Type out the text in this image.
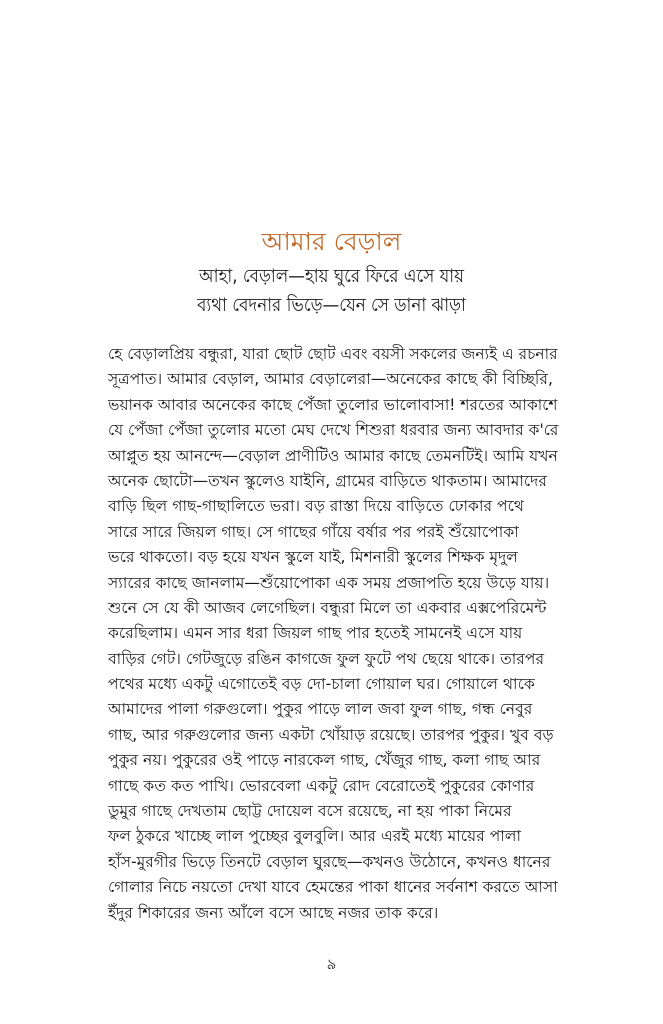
আমার বেড়াল
আহা, বেড়াল—হায় ঘুরে ফিরে এসে যায়
ব্যথা বেদনার ভিড়ে—যেন সে ডানা ঝাড়া
হে বেড়ালপ্রিয় বন্ধুরা, যারা ছোট ছোট এবং বয়সী সকলের জন্যই এ রচনার
সূত্রপাত। আমার বেড়াল, আমার বেড়ালেরা—অনেকের কাছে কী বিচ্ছিরি,
ভয়ানক আবার অনেকের কাছে পেঁজা তুলোর ভালোবাসা! শরতের আকাশে
যে পেঁজা পেঁজা তুলোর মতো মেঘ দেখে শিশুরা ধরবার জন্য আবদার ক'রে
আপ্লুত হয় আনন্দে—বেড়াল প্রাণীটিও আমার কাছে তেমনটিই। আমি যখন
অনেক ছোটো—তখন স্কুলেও যাইনি, গ্রামের বাড়িতে থাকতাম। আমাদের
বাড়ি ছিল গাছ-গাছালিতে ভরা। বড় রাস্তা দিয়ে বাড়িতে ঢোকার পথে
সারে সারে জিয়ল গাছ। সে গাছের গাঁয়ে বর্ষার পর পরই শুঁয়োপোকা
ভরে থাকতো। বড় হয়ে যখন স্কুলে যাই, মিশনারী স্কুলের শিক্ষক মৃদুল
স্যারের কাছে জানলাম—শুঁয়োপোকা এক সময় প্রজাপতি হয়ে উড়ে যায়।
শুনে সে যে কী আজব লেগেছিল। বন্ধুরা মিলে তা একবার এক্সপেরিমেন্ট
করেছিলাম। এমন সার ধরা জিয়ল গাছ পার হতেই সামনেই এসে যায়
বাড়ির গেট। গেটজুড়ে রঙিন কাগজে ফুল ফুটে পথ ছেয়ে থাকে। তারপর
পথের মধ্যে একটু এগোতেই বড় দো-চালা গোয়াল ঘর। গোয়ালে থাকে
আমাদের পালা গরুগুলো। পুকুর পাড়ে লাল জবা ফুল গাছ, গন্ধ নেবুর
গাছ, আর গরুগুলোর জন্য একটা খোঁয়াড় রয়েছে। তারপর পুকুর। খুব বড়
পুকুর নয়। পুকুরের ওই পাড়ে নারকেল গাছ, খেঁজুর গাছ, কলা গাছ আর
গাছে কত কত পাখি। ভোরবেলা একটু রোদ বেরোতেই পুকুরের কোণার
ডুমুর গাছে দেখতাম ছোট্ট দোয়েল বসে রয়েছে, না হয় পাকা নিমের
ফল ঠুকরে খাচ্ছে লাল পুচ্ছের বুলবুলি। আর এরই মধ্যে মায়ের পালা
হাঁস-মুরগীর ভিড়ে তিনটে বেড়াল ঘুরছে—কখনও উঠোনে, কখনও ধানের
গোলার নিচে নয়তো দেখা যাবে হেমন্তের পাকা ধানের সর্বনাশ করতে আসা
ইঁদুর শিকারের জন্য আঁলে বসে আছে নজর তাক করে।
৯
